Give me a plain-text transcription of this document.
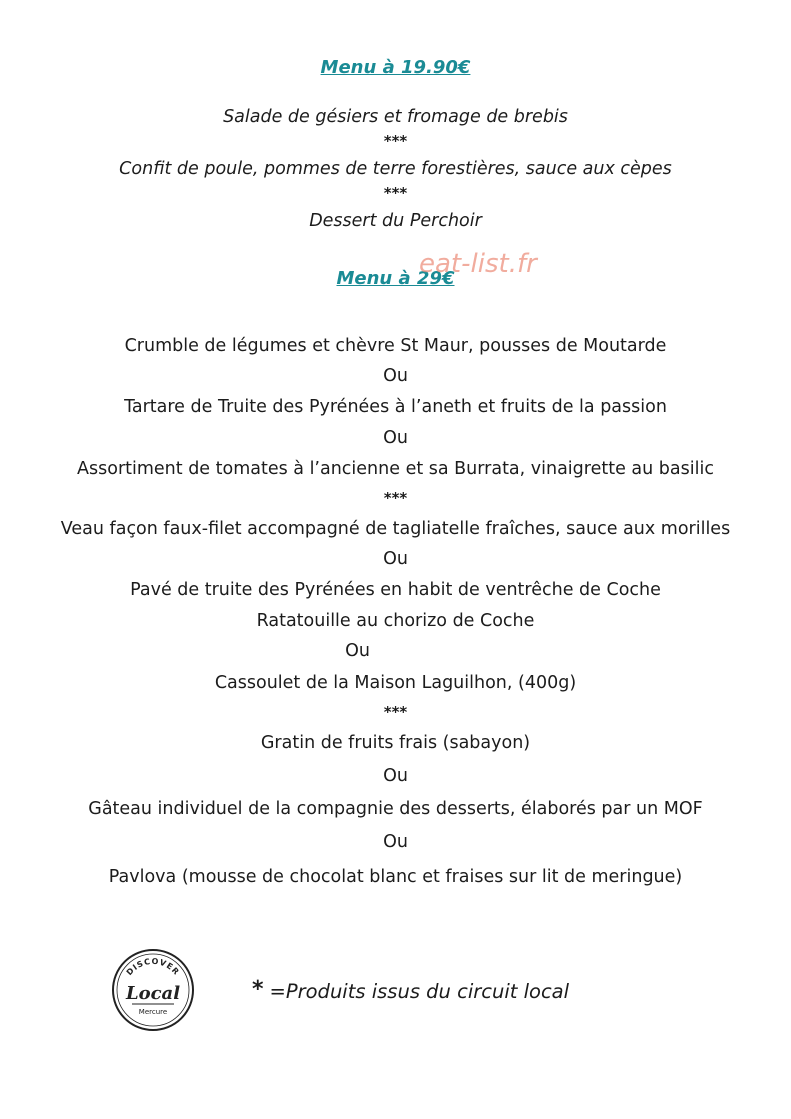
Menu à 19.90€
Salade de gésiers et fromage de brebis
***
Confit de poule, pommes de terre forestières, sauce aux cèpes
***
Dessert du Perchoir
Menu à 29€
eat-list.fr
Crumble de légumes et chèvre St Maur, pousses de Moutarde
Ou
Tartare de Truite des Pyrénées à l’aneth et fruits de la passion
Ou
Assortiment de tomates à l’ancienne et sa Burrata, vinaigrette au basilic
***
Veau façon faux-filet accompagné de tagliatelle fraîches, sauce aux morilles
Ou
Pavé de truite des Pyrénées en habit de ventrêche de Coche
Ratatouille au chorizo de Coche
Ou
Cassoulet de la Maison Laguilhon, (400g)
***
Gratin de fruits frais (sabayon)
Ou
Gâteau individuel de la compagnie des desserts, élaborés par un MOF
Ou
Pavlova (mousse de chocolat blanc et fraises sur lit de meringue)
DISCOVER
Local
Mercure
* =Produits issus du circuit local
